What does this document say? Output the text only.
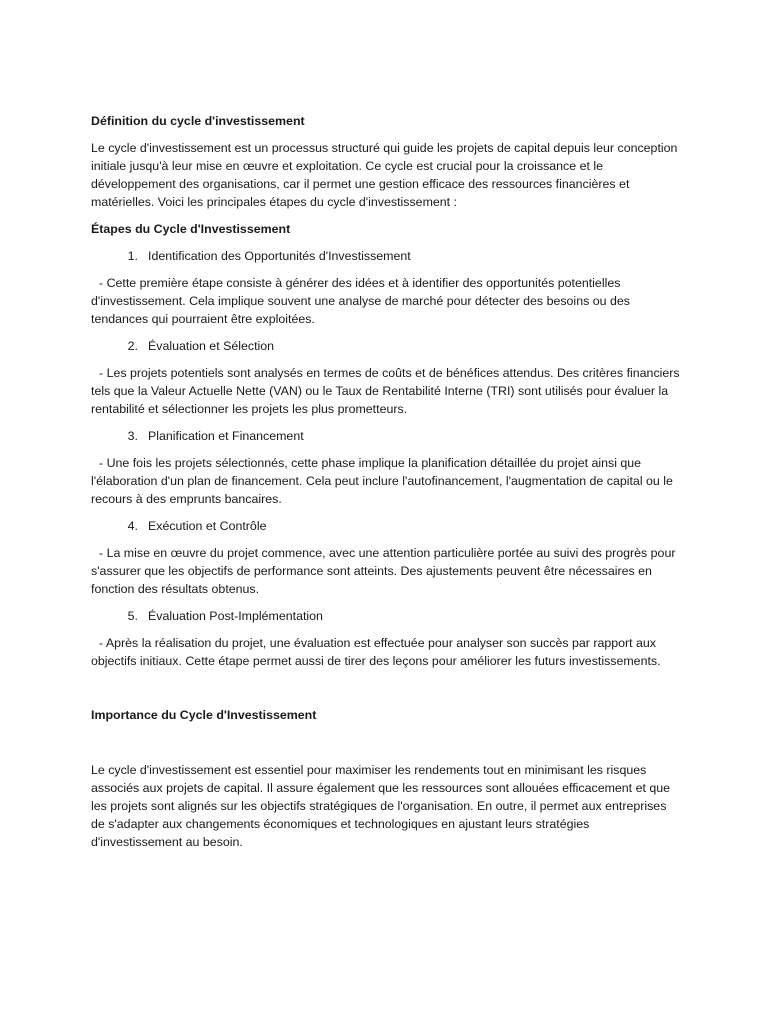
Définition du cycle d'investissement

Le cycle d'investissement est un processus structuré qui guide les projets de capital depuis leur conception initiale jusqu'à leur mise en œuvre et exploitation. Ce cycle est crucial pour la croissance et le développement des organisations, car il permet une gestion efficace des ressources financières et matérielles. Voici les principales étapes du cycle d'investissement :

Étapes du Cycle d'Investissement

1. Identification des Opportunités d'Investissement

- Cette première étape consiste à générer des idées et à identifier des opportunités potentielles d'investissement. Cela implique souvent une analyse de marché pour détecter des besoins ou des tendances qui pourraient être exploitées.

2. Évaluation et Sélection

- Les projets potentiels sont analysés en termes de coûts et de bénéfices attendus. Des critères financiers tels que la Valeur Actuelle Nette (VAN) ou le Taux de Rentabilité Interne (TRI) sont utilisés pour évaluer la rentabilité et sélectionner les projets les plus prometteurs.

3. Planification et Financement

- Une fois les projets sélectionnés, cette phase implique la planification détaillée du projet ainsi que l'élaboration d'un plan de financement. Cela peut inclure l'autofinancement, l'augmentation de capital ou le recours à des emprunts bancaires.

4. Exécution et Contrôle

- La mise en œuvre du projet commence, avec une attention particulière portée au suivi des progrès pour s'assurer que les objectifs de performance sont atteints. Des ajustements peuvent être nécessaires en fonction des résultats obtenus.

5. Évaluation Post-Implémentation

- Après la réalisation du projet, une évaluation est effectuée pour analyser son succès par rapport aux objectifs initiaux. Cette étape permet aussi de tirer des leçons pour améliorer les futurs investissements.

Importance du Cycle d'Investissement

Le cycle d'investissement est essentiel pour maximiser les rendements tout en minimisant les risques associés aux projets de capital. Il assure également que les ressources sont allouées efficacement et que les projets sont alignés sur les objectifs stratégiques de l'organisation. En outre, il permet aux entreprises de s'adapter aux changements économiques et technologiques en ajustant leurs stratégies d'investissement au besoin.
